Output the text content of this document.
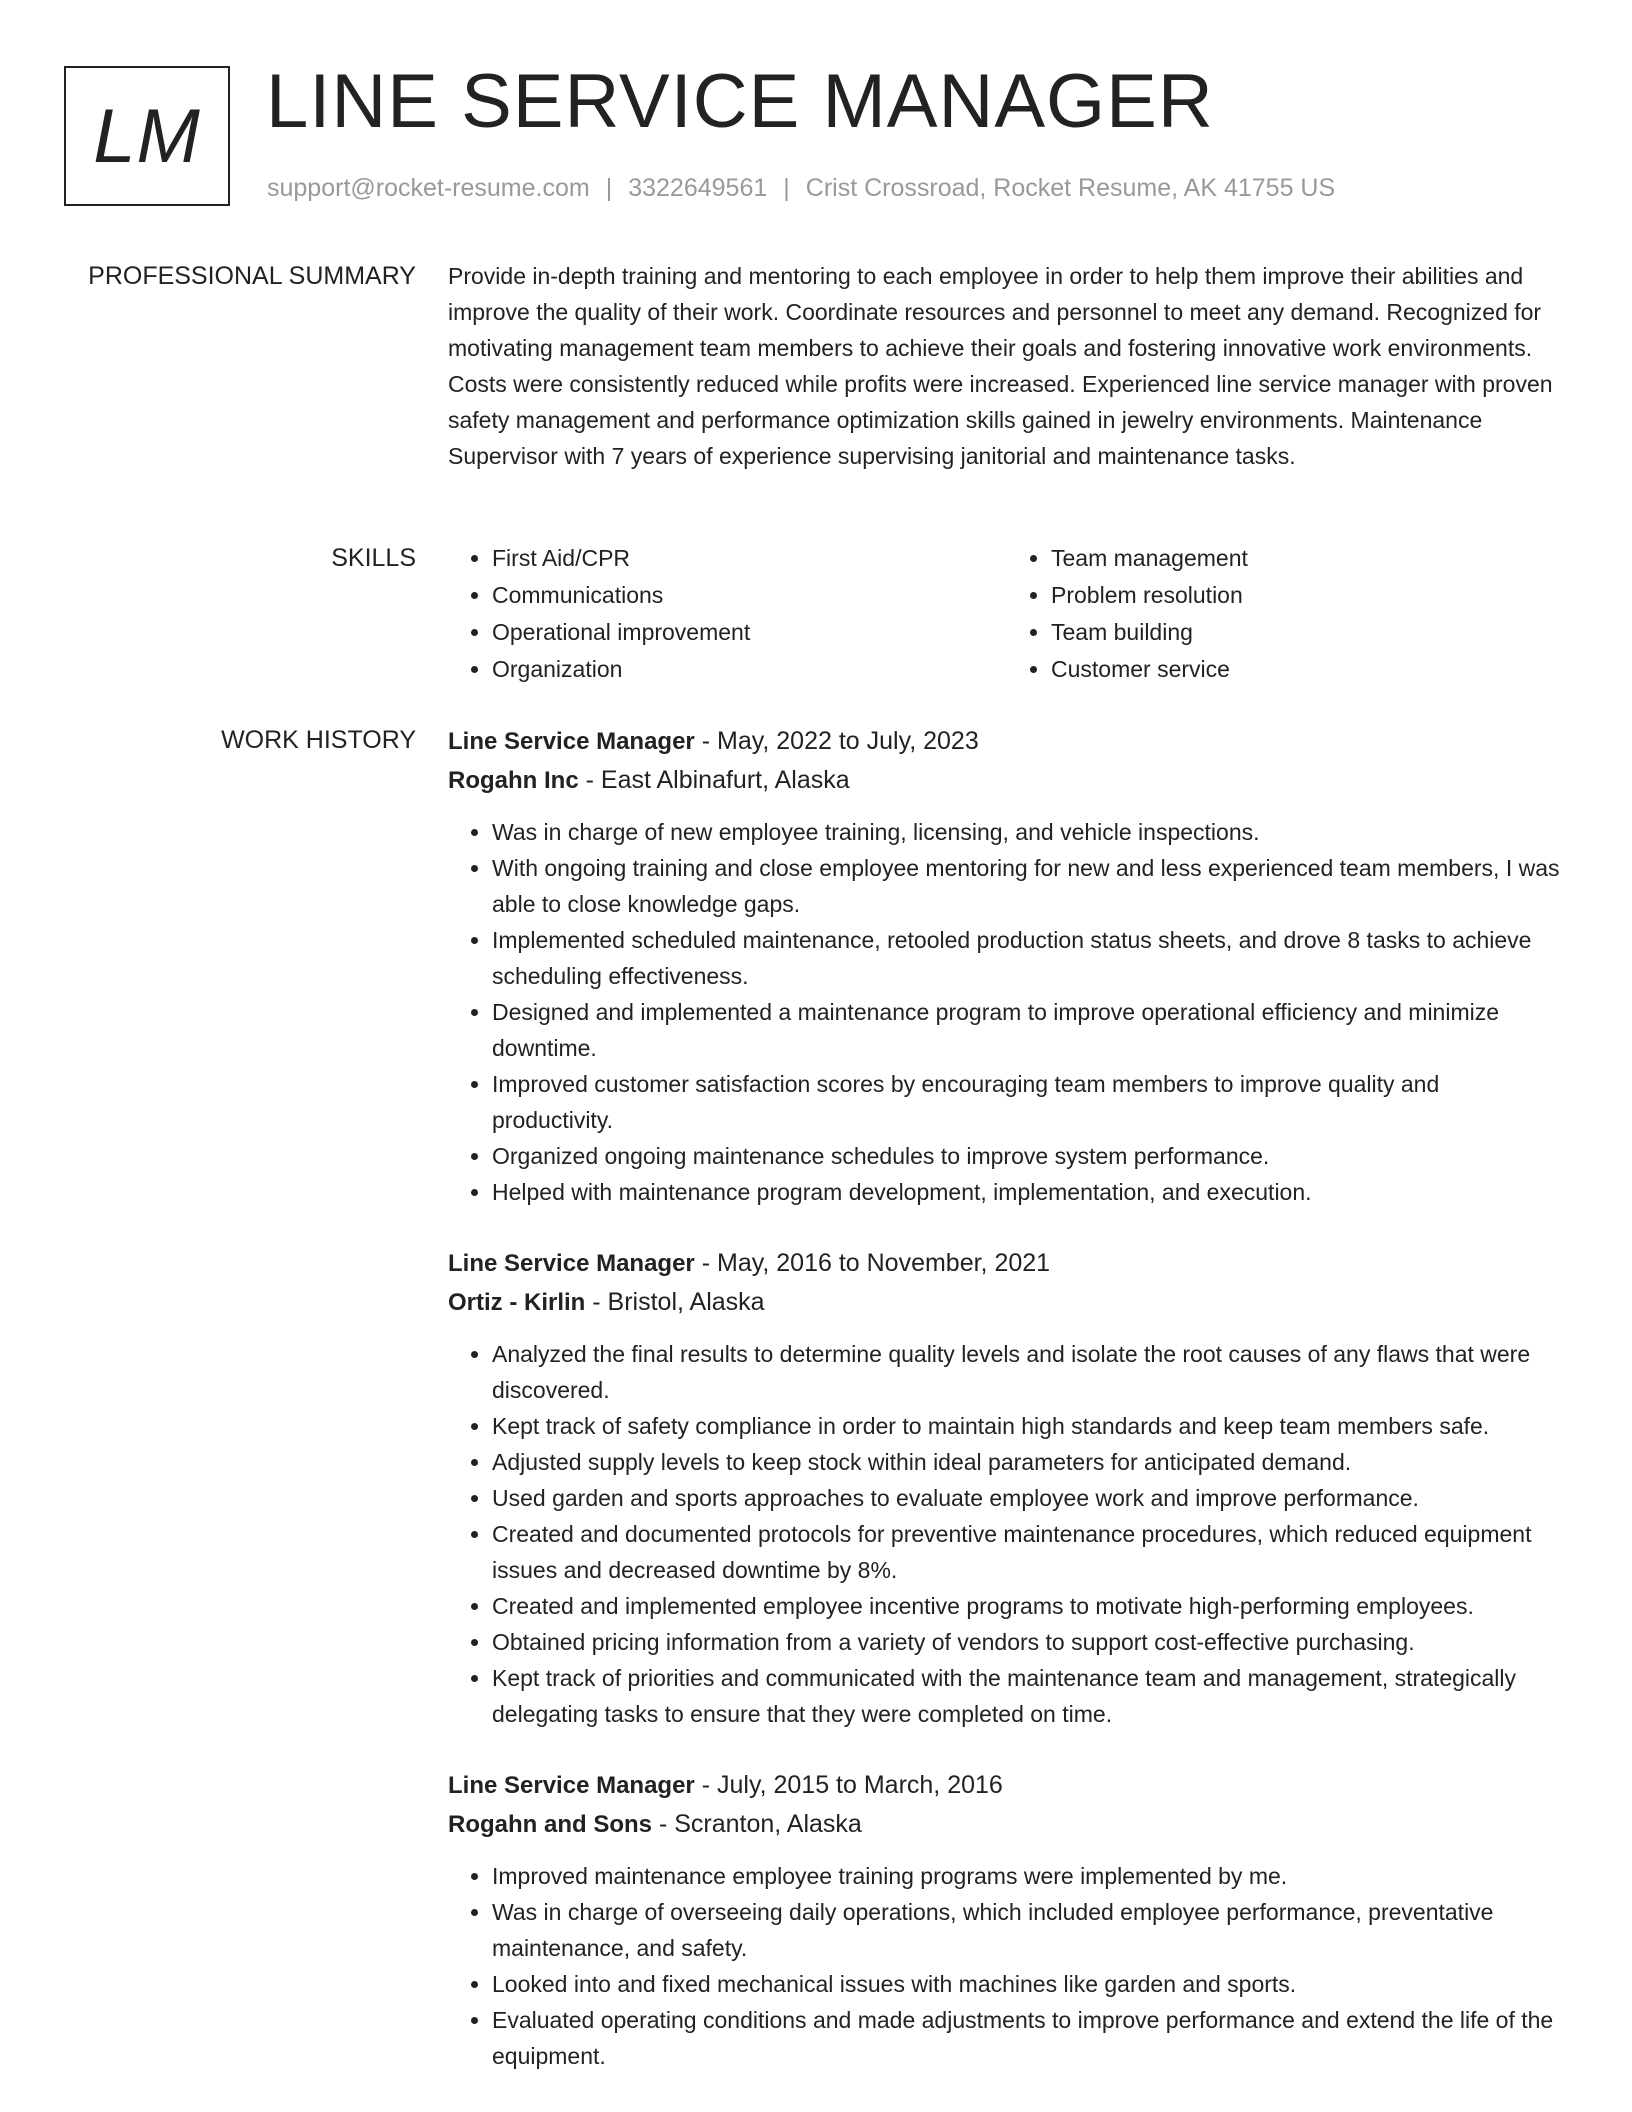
LM LINE SERVICE MANAGER
support@rocket-resume.com | 3322649561 | Crist Crossroad, Rocket Resume, AK 41755 US
PROFESSIONAL SUMMARY Provide in-depth training and mentoring to each employee in order to help them improve their abilities and improve the quality of their work. Coordinate resources and personnel to meet any demand. Recognized for motivating management team members to achieve their goals and fostering innovative work environments. Costs were consistently reduced while profits were increased. Experienced line service manager with proven safety management and performance optimization skills gained in jewelry environments. Maintenance Supervisor with 7 years of experience supervising janitorial and maintenance tasks.

SKILLS
•	First Aid/CPR
• Communications
• Operational improvement
• Organization
• Team management
• Problem resolution
• Team building
• Customer service
WORK HISTORY Line Service Manager - May, 2022 to July, 2023

Rogahn Inc - East Albinafurt, Alaska

• Was in charge of new employee training, licensing, and vehicle inspections.
• With ongoing training and close employee mentoring for new and less experienced team members, I was able to close knowledge gaps.
• Implemented scheduled maintenance, retooled production status sheets, and drove 8 tasks to achieve scheduling effectiveness.
• Designed and implemented a maintenance program to improve operational efficiency and minimize downtime.
• Improved customer satisfaction scores by encouraging team members to improve quality and productivity.
• Organized ongoing maintenance schedules to improve system performance.
• Helped with maintenance program development, implementation, and execution.

Line Service Manager - May, 2016 to November, 2021

Ortiz - Kirlin - Bristol, Alaska

• Analyzed the final results to determine quality levels and isolate the root causes of any flaws that were discovered.
• Kept track of safety compliance in order to maintain high standards and keep team members safe.
• Adjusted supply levels to keep stock within ideal parameters for anticipated demand.
• Used garden and sports approaches to evaluate employee work and improve performance.
• Created and documented protocols for preventive maintenance procedures, which reduced equipment issues and decreased downtime by 8%.
• Created and implemented employee incentive programs to motivate high-performing employees.
• Obtained pricing information from a variety of vendors to support cost-effective purchasing.
• Kept track of priorities and communicated with the maintenance team and management, strategically delegating tasks to ensure that they were completed on time.

Line Service Manager - July, 2015 to March, 2016

Rogahn and Sons - Scranton, Alaska

• Improved maintenance employee training programs were implemented by me.
• Was in charge of overseeing daily operations, which included employee performance, preventative maintenance, and safety.
• Looked into and fixed mechanical issues with machines like garden and sports.
• Evaluated operating conditions and made adjustments to improve performance and extend the life of the equipment.
